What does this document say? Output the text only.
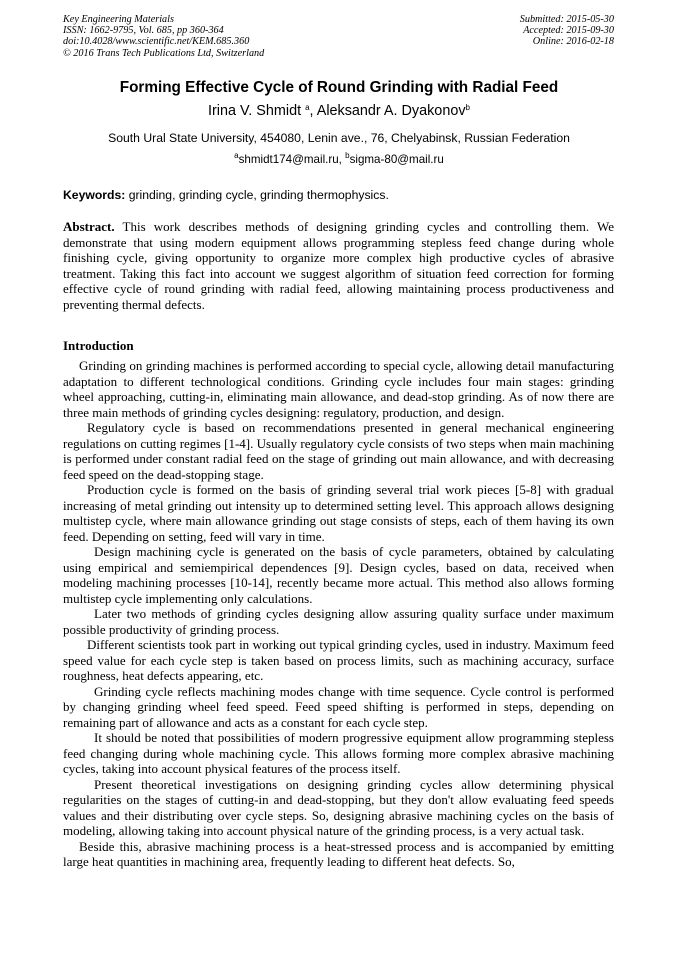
Key Engineering Materials
ISSN: 1662-9795, Vol. 685, pp 360-364
doi:10.4028/www.scientific.net/KEM.685.360
© 2016 Trans Tech Publications Ltd, Switzerland
Submitted: 2015-05-30
Accepted: 2015-09-30
Online: 2016-02-18
Forming Effective Cycle of Round Grinding with Radial Feed
Irina V. Shmidt $^a$, Aleksandr A. Dyakonov$^b$
South Ural State University, 454080, Lenin ave., 76, Chelyabinsk, Russian Federation
$^a$shmidt174@mail.ru, $^b$sigma-80@mail.ru
Keywords: grinding, grinding cycle, grinding thermophysics.
Abstract. This work describes methods of designing grinding cycles and controlling them. We demonstrate that using modern equipment allows programming stepless feed change during whole finishing cycle, giving opportunity to organize more complex high productive cycles of abrasive treatment. Taking this fact into account we suggest algorithm of situation feed correction for forming effective cycle of round grinding with radial feed, allowing maintaining process productiveness and preventing thermal defects.
Introduction

Grinding on grinding machines is performed according to special cycle, allowing detail manufacturing adaptation to different technological conditions. Grinding cycle includes four main stages: grinding wheel approaching, cutting-in, eliminating main allowance, and dead-stop grinding. As of now there are three main methods of grinding cycles designing: regulatory, production, and design.

Regulatory cycle is based on recommendations presented in general mechanical engineering regulations on cutting regimes [1-4]. Usually regulatory cycle consists of two steps when main machining is performed under constant radial feed on the stage of grinding out main allowance, and with decreasing feed speed on the dead-stopping stage.

Production cycle is formed on the basis of grinding several trial work pieces [5-8] with gradual increasing of metal grinding out intensity up to determined setting level. This approach allows designing multistep cycle, where main allowance grinding out stage consists of steps, each of them having its own feed. Depending on setting, feed will vary in time.

Design machining cycle is generated on the basis of cycle parameters, obtained by calculating using empirical and semiempirical dependences [9]. Design cycles, based on data, received when modeling machining processes [10-14], recently became more actual. This method also allows forming multistep cycle implementing only calculations.

Later two methods of grinding cycles designing allow assuring quality surface under maximum possible productivity of grinding process.

Different scientists took part in working out typical grinding cycles, used in industry. Maximum feed speed value for each cycle step is taken based on process limits, such as machining accuracy, surface roughness, heat defects appearing, etc.

Grinding cycle reflects machining modes change with time sequence. Cycle control is performed by changing grinding wheel feed speed. Feed speed shifting is performed in steps, depending on remaining part of allowance and acts as a constant for each cycle step.

It should be noted that possibilities of modern progressive equipment allow programming stepless feed changing during whole machining cycle. This allows forming more complex abrasive machining cycles, taking into account physical features of the process itself.

Present theoretical investigations on designing grinding cycles allow determining physical regularities on the stages of cutting-in and dead-stopping, but they don't allow evaluating feed speeds values and their distributing over cycle steps. So, designing abrasive machining cycles on the basis of modeling, allowing taking into account physical nature of the grinding process, is a very actual task.

Beside this, abrasive machining process is a heat-stressed process and is accompanied by emitting large heat quantities in machining area, frequently leading to different heat defects. So,
